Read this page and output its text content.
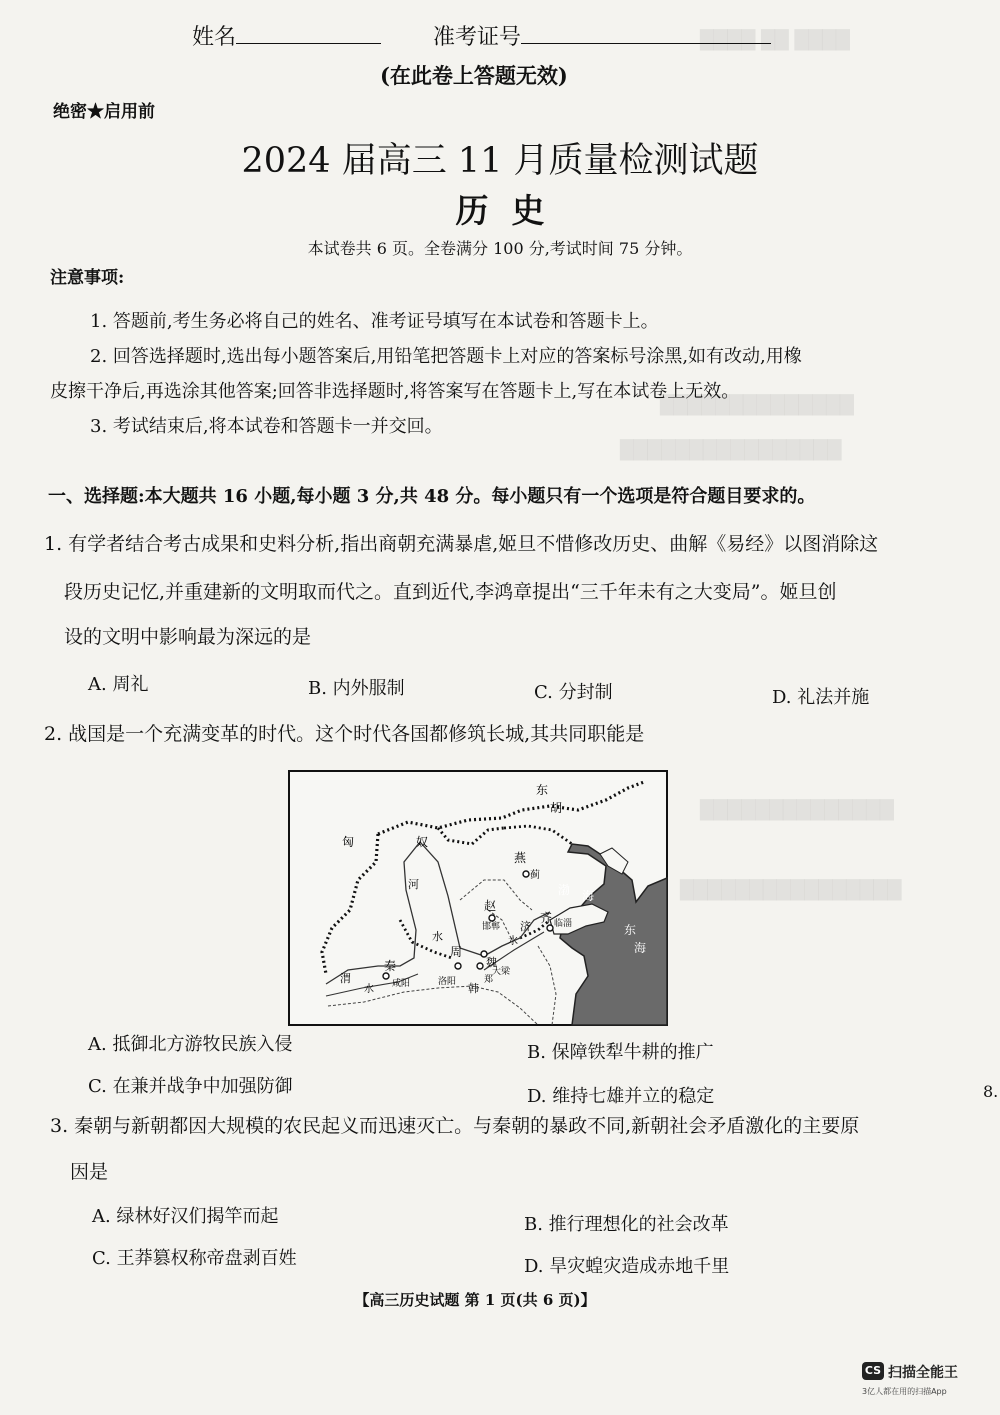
████ ██ ████
██████████████
████████████████
██████████████
████████████████
姓名	准考证号
(在此卷上答题无效)
绝密★启用前
2024 届高三 11 月质量检测试题
历  史
本试卷共 6 页。全卷满分 100 分,考试时间 75 分钟。
注意事项:
1. 答题前,考生务必将自己的姓名、准考证号填写在本试卷和答题卡上。
2. 回答选择题时,选出每小题答案后,用铅笔把答题卡上对应的答案标号涂黑,如有改动,用橡
皮擦干净后,再选涂其他答案;回答非选择题时,将答案写在答题卡上,写在本试卷上无效。
3. 考试结束后,将本试卷和答题卡一并交回。
一、选择题:本大题共 16 小题,每小题 3 分,共 48 分。每小题只有一个选项是符合题目要求的。
1. 有学者结合考古成果和史料分析,指出商朝充满暴虐,姬旦不惜修改历史、曲解《易经》以图消除这
段历史记忆,并重建新的文明取而代之。直到近代,李鸿章提出“三千年未有之大变局”。姬旦创
设的文明中影响最为深远的是
A. 周礼	B. 内外服制	C. 分封制	D. 礼法并施
2. 战国是一个充满变革的时代。这个时代各国都修筑长城,其共同职能是
匈	奴
东
胡
燕
蓟
渤 海
赵
邯郸
河
水
济
水
齐 临淄	东
海
渭
水
秦
咸阳
周
洛阳
魏
大梁
郑
韩
A. 抵御北方游牧民族入侵	B. 保障铁犁牛耕的推广
C. 在兼并战争中加强防御	D. 维持七雄并立的稳定	8.
3. 秦朝与新朝都因大规模的农民起义而迅速灭亡。与秦朝的暴政不同,新朝社会矛盾激化的主要原
因是
A. 绿林好汉们揭竿而起	B. 推行理想化的社会改革
C. 王莽篡权称帝盘剥百姓	D. 旱灾蝗灾造成赤地千里
【高三历史试题 第 1 页(共 6 页)】
CS 扫描全能王
3亿人都在用的扫描App
